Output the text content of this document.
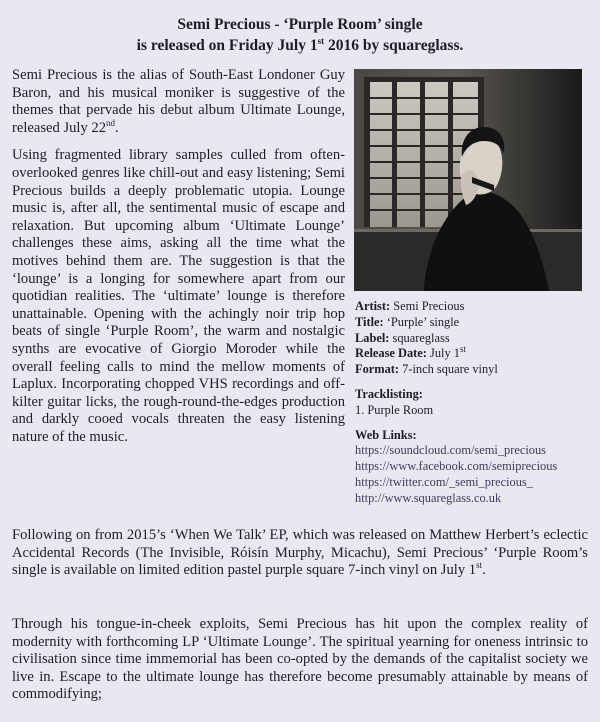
Semi Precious - ‘Purple Room’ single
is released on Friday July 1st 2016 by squareglass.

Semi Precious is the alias of South-East Londoner Guy Baron, and his musical moniker is suggestive of the themes that pervade his debut album Ultimate Lounge, released July 22nd.

Using fragmented library samples culled from often-overlooked genres like chill-out and easy listening; Semi Precious builds a deeply problematic utopia. Lounge music is, after all, the sentimental music of escape and relaxation. But upcoming album ‘Ultimate Lounge’ challenges these aims, asking all the time what the motives behind them are. The suggestion is that the ‘lounge’ is a longing for somewhere apart from our quotidian realities. The ‘ultimate’ lounge is therefore unattainable. Opening with the achingly noir trip hop beats of single ‘Purple Room’, the warm and nostalgic synths are evocative of Giorgio Moroder while the overall feeling calls to mind the mellow moments of Laplux. Incorporating chopped VHS recordings and off-kilter guitar licks, the rough-round-the-edges production and darkly cooed vocals threaten the easy listening nature of the music.

Artist: Semi Precious
Title: ‘Purple’ single
Label: squareglass
Release Date: July 1st
Format: 7-inch square vinyl
Tracklisting:
1. Purple Room
Web Links:
https://soundcloud.com/semi_precious
https://www.facebook.com/semiprecious
https://twitter.com/_semi_precious_
http://www.squareglass.co.uk

Following on from 2015’s ‘When We Talk’ EP, which was released on Matthew Herbert’s eclectic Accidental Records (The Invisible, Róisín Murphy, Micachu), Semi Precious’ ‘Purple Room’s single is available on limited edition pastel purple square 7-inch vinyl on July 1st.

Through his tongue-in-cheek exploits, Semi Precious has hit upon the complex reality of modernity with forthcoming LP ‘Ultimate Lounge’. The spiritual yearning for oneness intrinsic to civilisation since time immemorial has been co-opted by the demands of the capitalist society we live in. Escape to the ultimate lounge has therefore become presumably attainable by means of commodifying;
